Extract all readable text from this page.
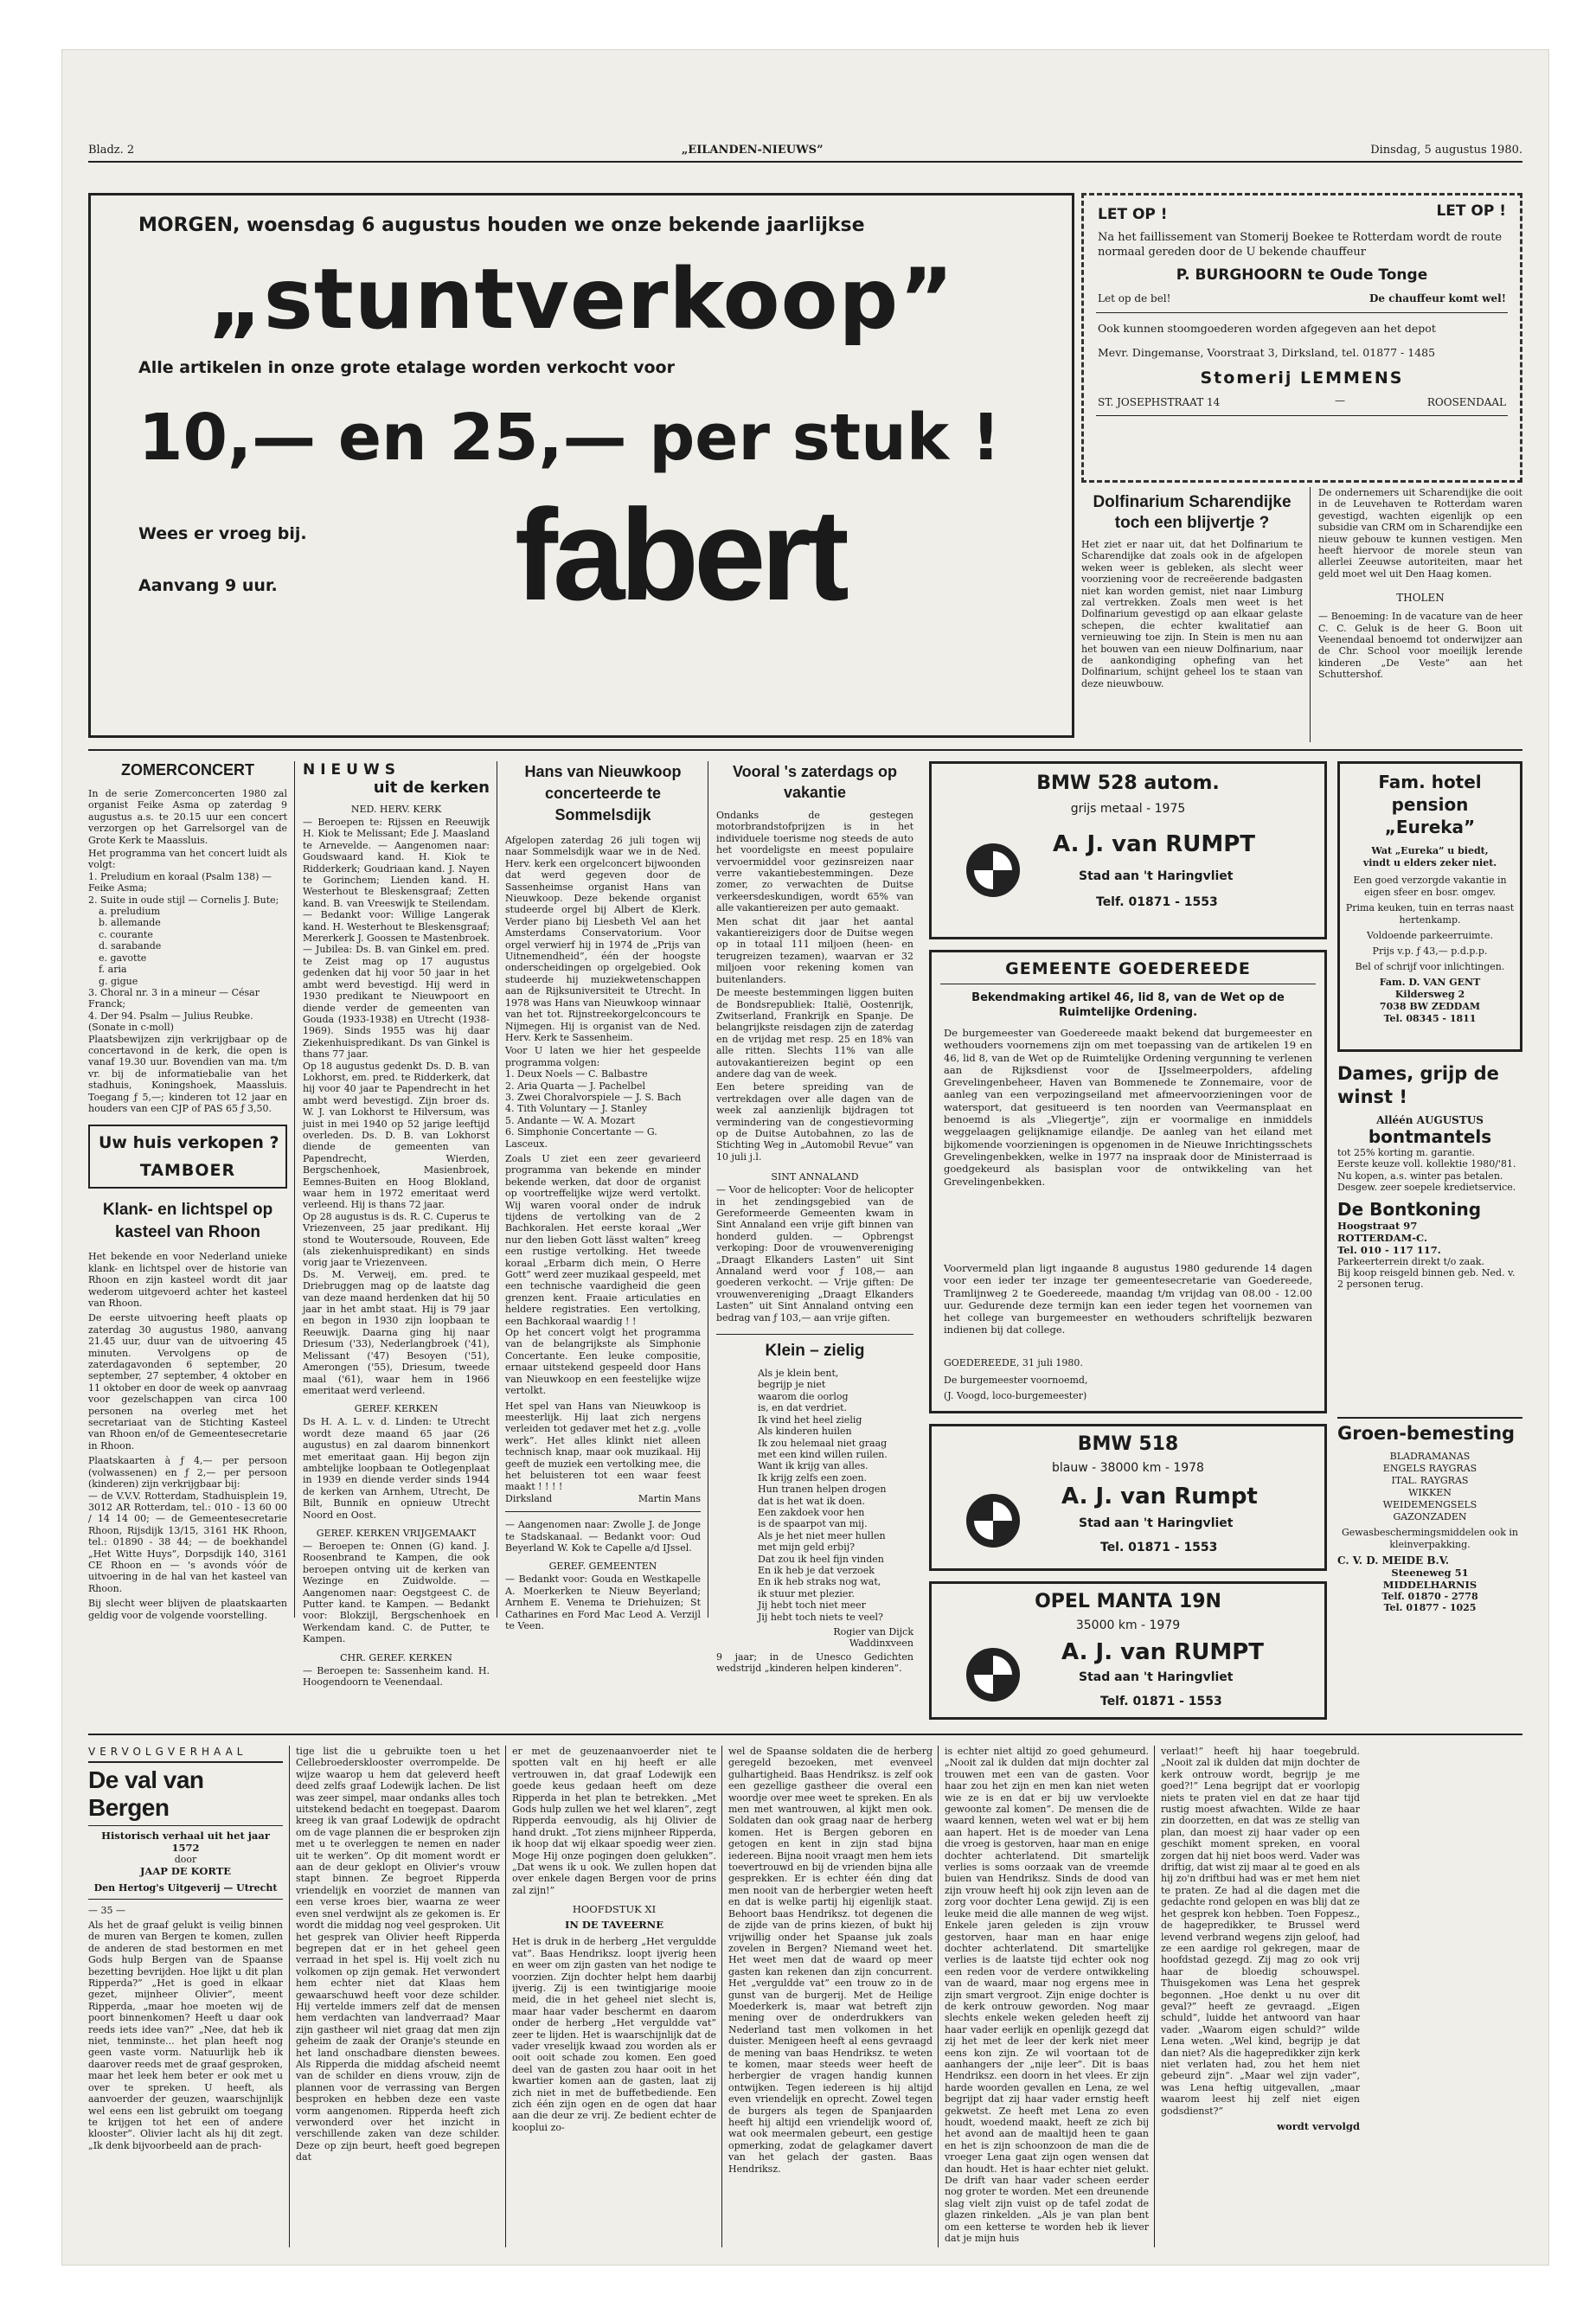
Bladz. 2	„EILANDEN-NIEUWS”	Dinsdag, 5 augustus 1980.
MORGEN, woensdag 6 augustus houden we onze bekende jaarlijkse
„stuntverkoop”
Alle artikelen in onze grote etalage worden verkocht voor
10,— en 25,— per stuk !
Wees er vroeg bij.
Aanvang 9 uur. fabert
LET OP !	LET OP !
Na het faillissement van Stomerij Boekee te Rotterdam wordt de route normaal gereden door de U bekende chauffeur
P. BURGHOORN te Oude Tonge
Let op de bel!	De chauffeur komt wel!
Ook kunnen stoomgoederen worden afgegeven aan het depot
Mevr. Dingemanse, Voorstraat 3, Dirksland, tel. 01877 - 1485
Stomerij LEMMENS
ST. JOSEPHSTRAAT 14	—	ROOSENDAAL
Dolfinarium Scharendijke toch een blijvertje ?
Het ziet er naar uit, dat het Dolfinarium te Scharendijke dat zoals ook in de afgelopen weken weer is gebleken, als slecht weer voorziening voor de recreëerende badgasten niet kan worden gemist, niet naar Limburg zal vertrekken. Zoals men weet is het Dolfinarium gevestigd op aan elkaar gelaste schepen, die echter kwalitatief aan vernieuwing toe zijn. In Stein is men nu aan het bouwen van een nieuw Dolfinarium, naar de aankondiging ophefing van het Dolfinarium, schijnt geheel los te staan van deze nieuwbouw.
De ondernemers uit Scharendijke die ooit in de Leuvehaven te Rotterdam waren gevestigd, wachten eigenlijk op een subsidie van CRM om in Scharendijke een nieuw gebouw te kunnen vestigen. Men heeft hiervoor de morele steun van allerlei Zeeuwse autoriteiten, maar het geld moet wel uit Den Haag komen.
THOLEN
— Benoeming: In de vacature van de heer C. C. Geluk is de heer G. Boon uit Veenendaal benoemd tot onderwijzer aan de Chr. School voor moeilijk lerende kinderen „De Veste” aan het Schuttershof.
ZOMERCONCERT
In de serie Zomerconcerten 1980 zal organist Feike Asma op zaterdag 9 augustus a.s. te 20.15 uur een concert verzorgen op het Garrelsorgel van de Grote Kerk te Maassluis.
Het programma van het concert luidt als volgt:
1. Preludium en koraal (Psalm 138) — Feike Asma;
2. Suite in oude stijl — Cornelis J. Bute;
a. preludium
b. allemande
c. courante
d. sarabande
e. gavotte
f. aria
g. gigue
3. Choral nr. 3 in a mineur — César Franck;
4. Der 94. Psalm — Julius Reubke. (Sonate in c-moll)
Plaatsbewijzen zijn verkrijgbaar op de concertavond in de kerk, die open is vanaf 19.30 uur. Bovendien van ma. t/m vr. bij de informatiebalie van het stadhuis, Koningshoek, Maassluis. Toegang ƒ 5,—; kinderen tot 12 jaar en houders van een CJP of PAS 65 ƒ 3,50.
Uw huis verkopen ?
TAMBOER
Klank- en lichtspel op kasteel van Rhoon
Het bekende en voor Nederland unieke klank- en lichtspel over de historie van Rhoon en zijn kasteel wordt dit jaar wederom uitgevoerd achter het kasteel van Rhoon.
De eerste uitvoering heeft plaats op zaterdag 30 augustus 1980, aanvang 21.45 uur, duur van de uitvoering 45 minuten. Vervolgens op de zaterdagavonden 6 september, 20 september, 27 september, 4 oktober en 11 oktober en door de week op aanvraag voor gezelschappen van circa 100 personen na overleg met het secretariaat van de Stichting Kasteel van Rhoon en/of de Gemeentesecretarie in Rhoon.
Plaatskaarten à ƒ 4,— per persoon (volwassenen) en ƒ 2,— per persoon (kinderen) zijn verkrijgbaar bij:
— de V.V.V. Rotterdam, Stadhuisplein 19, 3012 AR Rotterdam, tel.: 010 - 13 60 00 / 14 14 00; — de Gemeentesecretarie Rhoon, Rijsdijk 13/15, 3161 HK Rhoon, tel.: 01890 - 38 44; — de boekhandel „Het Witte Huys”, Dorpsdijk 140, 3161 CE Rhoon en — 's avonds vóór de uitvoering in de hal van het kasteel van Rhoon.
Bij slecht weer blijven de plaatskaarten geldig voor de volgende voorstelling.
NIEUWS
uit de kerken
NED. HERV. KERK
— Beroepen te: Rijssen en Reeuwijk H. Kiok te Melissant; Ede J. Maasland te Arnevelde. — Aangenomen naar: Goudswaard kand. H. Kiok te Ridderkerk; Goudriaan kand. J. Nayen te Gorinchem; Lienden kand. H. Westerhout te Bleskensgraaf; Zetten kand. B. van Vreeswijk te Steilendam. — Bedankt voor: Willige Langerak kand. H. Westerhout te Bleskensgraaf; Mererkerk J. Goossen te Mastenbroek. — Jubilea: Ds. B. van Ginkel em. pred. te Zeist mag op 17 augustus gedenken dat hij voor 50 jaar in het ambt werd bevestigd. Hij werd in 1930 predikant te Nieuwpoort en diende verder de gemeenten van Gouda (1933-1938) en Utrecht (1938-1969). Sinds 1955 was hij daar Ziekenhuispredikant. Ds van Ginkel is thans 77 jaar.
Op 18 augustus gedenkt Ds. D. B. van Lokhorst, em. pred. te Ridderkerk, dat hij voor 40 jaar te Papendrecht in het ambt werd bevestigd. Zijn broer ds. W. J. van Lokhorst te Hilversum, was juist in mei 1940 op 52 jarige leeftijd overleden. Ds. D. B. van Lokhorst diende de gemeenten van Papendrecht, Wierden, Bergschenhoek, Masienbroek, Eemnes-Buiten en Hoog Blokland, waar hem in 1972 emeritaat werd verleend. Hij is thans 72 jaar.
Op 28 augustus is ds. R. C. Cuperus te Vriezenveen, 25 jaar predikant. Hij stond te Woutersoude, Rouveen, Ede (als ziekenhuispredikant) en sinds vorig jaar te Vriezenveen.
Ds. M. Verweij, em. pred. te Driebruggen mag op de laatste dag van deze maand herdenken dat hij 50 jaar in het ambt staat. Hij is 79 jaar en begon in 1930 zijn loopbaan te Reeuwijk. Daarna ging hij naar Driesum ('33), Nederlangbroek ('41), Melissant ('47) Besoyen ('51), Amerongen ('55), Driesum, tweede maal ('61), waar hem in 1966 emeritaat werd verleend.
GEREF. KERKEN
Ds H. A. L. v. d. Linden: te Utrecht wordt deze maand 65 jaar (26 augustus) en zal daarom binnenkort met emeritaat gaan. Hij begon zijn ambtelijke loopbaan te Ootlegenplaat in 1939 en diende verder sinds 1944 de kerken van Arnhem, Utrecht, De Bilt, Bunnik en opnieuw Utrecht Noord en Oost.
GEREF. KERKEN VRIJGEMAAKT
— Beroepen te: Onnen (G) kand. J. Roosenbrand te Kampen, die ook beroepen ontving uit de kerken van Wezinge en Zuidwolde. — Aangenomen naar: Oegstgeest C. de Putter kand. te Kampen. — Bedankt voor: Blokzijl, Bergschenhoek en Werkendam kand. C. de Putter, te Kampen.
CHR. GEREF. KERKEN
— Beroepen te: Sassenheim kand. H. Hoogendoorn te Veenendaal.
Hans van Nieuwkoop concerteerde te Sommelsdijk
Afgelopen zaterdag 26 juli togen wij naar Sommelsdijk waar we in de Ned. Herv. kerk een orgelconcert bijwoonden dat werd gegeven door de Sassenheimse organist Hans van Nieuwkoop. Deze bekende organist studeerde orgel bij Albert de Klerk. Verder piano bij Liesbeth Vel aan het Amsterdams Conservatorium. Voor orgel verwierf hij in 1974 de „Prijs van Uitnemendheid”, één der hoogste onderscheidingen op orgelgebied. Ook studeerde hij muziekwetenschappen aan de Rijksuniversiteit te Utrecht. In 1978 was Hans van Nieuwkoop winnaar van het tot. Rijnstreekorgelconcours te Nijmegen. Hij is organist van de Ned. Herv. Kerk te Sassenheim.
Voor U laten we hier het gespeelde programma volgen:
1. Deux Noels — C. Balbastre
2. Aria Quarta — J. Pachelbel
3. Zwei Choralvorspiele — J. S. Bach
4. Tith Voluntary — J. Stanley
5. Andante — W. A. Mozart
6. Simphonie Concertante — G. Lasceux.
Zoals U ziet een zeer gevarieerd programma van bekende en minder bekende werken, dat door de organist op voortreffelijke wijze werd vertolkt. Wij waren vooral onder de indruk tijdens de vertolking van de 2 Bachkoralen. Het eerste koraal „Wer nur den lieben Gott lässt walten” kreeg een rustige vertolking. Het tweede koraal „Erbarm dich mein, O Herre Gott” werd zeer muzikaal gespeeld, met een technische vaardigheid die geen grenzen kent. Fraaie articulaties en heldere registraties. Een vertolking, een Bachkoraal waardig ! !
Op het concert volgt het programma van de belangrijkste als Simphonie Concertante. Een leuke compositie, ernaar uitstekend gespeeld door Hans van Nieuwkoop en een feestelijke wijze vertolkt.
Het spel van Hans van Nieuwkoop is meesterlijk. Hij laat zich nergens verleiden tot gedaver met het z.g. „volle werk”. Het alles klinkt niet alleen technisch knap, maar ook muzikaal. Hij geeft de muziek een vertolking mee, die het beluisteren tot een waar feest maakt ! ! ! !
Dirksland	Martin Mans
— Aangenomen naar: Zwolle J. de Jonge te Stadskanaal. — Bedankt voor: Oud Beyerland W. Kok te Capelle a/d IJssel.
GEREF. GEMEENTEN
— Bedankt voor: Gouda en Westkapelle A. Moerkerken te Nieuw Beyerland; Arnhem E. Venema te Driehuizen; St Catharines en Ford Mac Leod A. Verzijl te Veen.
Vooral 's zaterdags op vakantie
Ondanks de gestegen motorbrandstofprijzen is in het individuele toerisme nog steeds de auto het voordeligste en meest populaire vervoermiddel voor gezinsreizen naar verre vakantiebestemmingen. Deze zomer, zo verwachten de Duitse verkeersdeskundigen, wordt 65% van alle vakantiereizen per auto gemaakt.
Men schat dit jaar het aantal vakantiereizigers door de Duitse wegen op in totaal 111 miljoen (heen- en terugreizen tezamen), waarvan er 32 miljoen voor rekening komen van buitenlanders.
De meeste bestemmingen liggen buiten de Bondsrepubliek: Italië, Oostenrijk, Zwitserland, Frankrijk en Spanje. De belangrijkste reisdagen zijn de zaterdag en de vrijdag met resp. 25 en 18% van alle ritten. Slechts 11% van alle autovakantiereizen begint op een andere dag van de week.
Een betere spreiding van de vertrekdagen over alle dagen van de week zal aanzienlijk bijdragen tot vermindering van de congestievorming op de Duitse Autobahnen, zo las de Stichting Weg in „Automobil Revue” van 10 juli j.l.
SINT ANNALAND
— Voor de helicopter: Voor de helicopter in het zendingsgebied van de Gereformeerde Gemeenten kwam in Sint Annaland een vrije gift binnen van honderd gulden. — Opbrengst verkoping: Door de vrouwenvereniging „Draagt Elkanders Lasten” uit Sint Annaland werd voor ƒ 108,— aan goederen verkocht. — Vrije giften: De vrouwenvereniging „Draagt Elkanders Lasten” uit Sint Annaland ontving een bedrag van ƒ 103,— aan vrije giften.
Klein – zielig
Als je klein bent,
begrijp je niet
waarom die oorlog
is, en dat verdriet.
Ik vind het heel zielig
Als kinderen huilen
Ik zou helemaal niet graag
met een kind willen ruilen.
Want ik krijg van alles.
Ik krijg zelfs een zoen.
Hun tranen helpen drogen
dat is het wat ik doen.
Een zakdoek voor hen
is de spaarpot van mij.
Als je het niet meer hullen
met mijn geld erbij?
Dat zou ik heel fijn vinden
En ik heb je dat verzoek
En ik heb straks nog wat,
ik stuur met plezier.
Jij hebt toch niet meer
Jij hebt toch niets te veel?
Rogier van Dijck
Waddinxveen
9 jaar; in de Unesco Gedichten wedstrijd „kinderen helpen kinderen”.
BMW 528 autom.
grijs metaal - 1975
A. J. van RUMPT
Stad aan 't Haringvliet
Telf. 01871 - 1553
GEMEENTE GOEDEREEDE
Bekendmaking artikel 46, lid 8, van de Wet op de Ruimtelijke Ordening.
De burgemeester van Goedereede maakt bekend dat burgemeester en wethouders voornemens zijn om met toepassing van de artikelen 19 en 46, lid 8, van de Wet op de Ruimtelijke Ordening vergunning te verlenen aan de Rijksdienst voor de IJsselmeerpolders, afdeling Grevelingenbeheer, Haven van Bommenede te Zonnemaire, voor de aanleg van een verpozingseiland met afmeervoorzieningen voor de watersport, dat gesitueerd is ten noorden van Veermansplaat en benoemd is als „Vliegertje”, zijn er voormalige en inmiddels weggelaagen gelijknamige eilandje. De aanleg van het eiland met bijkomende voorzieningen is opgenomen in de Nieuwe Inrichtingsschets Grevelingenbekken, welke in 1977 na inspraak door de Ministerraad is goedgekeurd als basisplan voor de ontwikkeling van het Grevelingenbekken.
Voorvermeld plan ligt ingaande 8 augustus 1980 gedurende 14 dagen voor een ieder ter inzage ter gemeentesecretarie van Goedereede, Tramlijnweg 2 te Goedereede, maandag t/m vrijdag van 08.00 - 12.00 uur. Gedurende deze termijn kan een ieder tegen het voornemen van het college van burgemeester en wethouders schriftelijk bezwaren indienen bij dat college.
GOEDEREEDE, 31 juli 1980.
De burgemeester voornoemd,
(J. Voogd, loco-burgemeester)
BMW 518
blauw - 38000 km - 1978
A. J. van Rumpt
Stad aan 't Haringvliet
Tel. 01871 - 1553
OPEL MANTA 19N
35000 km - 1979
A. J. van RUMPT
Stad aan 't Haringvliet
Telf. 01871 - 1553
Fam. hotel pension „Eureka”
Wat „Eureka” u biedt,
vindt u elders zeker niet.
Een goed verzorgde vakantie in eigen sfeer en bosr. omgev.
Prima keuken, tuin en terras naast hertenkamp.
Voldoende parkeerruimte.
Prijs v.p. ƒ 43,— p.d.p.p.
Bel of schrijf voor inlichtingen.
Fam. D. VAN GENT
Kildersweg 2
7038 BW ZEDDAM
Tel. 08345 - 1811
Dames, grijp de winst !
Alléén AUGUSTUS
bontmantels
tot 25% korting m. garantie.
Eerste keuze voll. kollektie 1980/'81.
Nu kopen, a.s. winter pas betalen.
Desgew. zeer soepele kredietservice.
De Bontkoning
Hoogstraat 97
ROTTERDAM-C.
Tel. 010 - 117 117.
Parkeerterrein direkt t/o zaak.
Bij koop reisgeld binnen geb. Ned. v. 2 personen terug.
Groen-bemesting
BLADRAMANAS
ENGELS RAYGRAS
ITAL. RAYGRAS
WIKKEN
WEIDEMENGSELS
GAZONZADEN
Gewasbeschermingsmiddelen ook in kleinverpakking.
C. V. D. MEIDE B.V.
Steeneweg 51
MIDDELHARNIS
Telf. 01870 - 2778
Tel. 01877 - 1025
VERVOLGVERHAAL
De val van Bergen
Historisch verhaal uit het jaar 1572
door
JAAP DE KORTE
Den Hertog's Uitgeverij — Utrecht
— 35 —
Als het de graaf gelukt is veilig binnen de muren van Bergen te komen, zullen de anderen de stad bestormen en met Gods hulp Bergen van de Spaanse bezetting bevrijden. Hoe lijkt u dit plan Ripperda?” „Het is goed in elkaar gezet, mijnheer Olivier”, meent Ripperda, „maar hoe moeten wij de poort binnenkomen? Heeft u daar ook reeds iets idee van?” „Nee, dat heb ik niet, tenminste... het plan heeft nog geen vaste vorm. Natuurlijk heb ik daarover reeds met de graaf gesproken, maar het leek hem beter er ook met u over te spreken. U heeft, als aanvoerder der geuzen, waarschijnlijk wel eens een list gebruikt om toegang te krijgen tot het een of andere klooster”. Olivier lacht als hij dit zegt. „Ik denk bijvoorbeeld aan de prach-
tige list die u gebruikte toen u het Cellebroedersklooster overrompelde. De wijze waarop u hem dat geleverd heeft deed zelfs graaf Lodewijk lachen. De list was zeer simpel, maar ondanks alles toch uitstekend bedacht en toegepast. Daarom kreeg ik van graaf Lodewijk de opdracht om de vage plannen die er besproken zijn met u te overleggen te nemen en nader uit te werken”. Op dit moment wordt er aan de deur geklopt en Olivier's vrouw stapt binnen. Ze begroet Ripperda vriendelijk en voorziet de mannen van een verse kroes bier, waarna ze weer even snel verdwijnt als ze gekomen is. Er wordt die middag nog veel gesproken. Uit het gesprek van Olivier heeft Ripperda begrepen dat er in het geheel geen verraad in het spel is. Hij voelt zich nu volkomen op zijn gemak. Het verwondert hem echter niet dat Klaas hem gewaarschuwd heeft voor deze schilder. Hij vertelde immers zelf dat de mensen hem verdachten van landverraad? Maar zijn gastheer wil niet graag dat men zijn geheim de zaak der Oranje's steunde en het land onschadbare diensten bewees. Als Ripperda die middag afscheid neemt van de schilder en diens vrouw, zijn de plannen voor de verrassing van Bergen besproken en hebben deze een vaste vorm aangenomen. Ripperda heeft zich verwonderd over het inzicht in verschillende zaken van deze schilder. Deze op zijn beurt, heeft goed begrepen dat
er met de geuzenaanvoerder niet te spotten valt en hij heeft er alle vertrouwen in, dat graaf Lodewijk een goede keus gedaan heeft om deze Ripperda in het plan te betrekken. „Met Gods hulp zullen we het wel klaren”, zegt Ripperda eenvoudig, als hij Olivier de hand drukt. „Tot ziens mijnheer Ripperda, ik hoop dat wij elkaar spoedig weer zien. Moge Hij onze pogingen doen gelukken”. „Dat wens ik u ook. We zullen hopen dat over enkele dagen Bergen voor de prins zal zijn!”
HOOFDSTUK XI
IN DE TAVEERNE
Het is druk in de herberg „Het verguldde vat”. Baas Hendriksz. loopt ijverig heen en weer om zijn gasten van het nodige te voorzien. Zijn dochter helpt hem daarbij ijverig. Zij is een twintigjarige mooie meid, die in het geheel niet slecht is, maar haar vader beschermt en daarom onder de herberg „Het verguldde vat” zeer te lijden. Het is waarschijnlijk dat de vader vreselijk kwaad zou worden als er ooit ooit schade zou komen. Een goed deel van de gasten zou haar ooit in het kwartier komen aan de gasten, laat zij zich niet in met de buffetbediende. Een zich één zijn ogen en de ogen dat haar aan die deur ze vrij. Ze bedient echter de kooplui zo-
wel de Spaanse soldaten die de herberg geregeld bezoeken, met evenveel gulhartigheid. Baas Hendriksz. is zelf ook een gezellige gastheer die overal een woordje over mee weet te spreken. En als men met wantrouwen, al kijkt men ook. Soldaten dan ook graag naar de herberg komen. Het is Bergen geboren en getogen en kent in zijn stad bijna iedereen. Bijna nooit vraagt men hem iets toevertrouwd en bij de vrienden bijna alle gesprekken. Er is echter één ding dat men nooit van de herbergier weten heeft en dat is welke partij hij eigenlijk staat. Behoort baas Hendriksz. tot degenen die de zijde van de prins kiezen, of bukt hij vrijwillig onder het Spaanse juk zoals zovelen in Bergen? Niemand weet het. Het weet men dat de waard op meer gasten kan rekenen dan zijn concurrent. Het „verguldde vat” een trouw zo in de gunst van de burgerij. Met de Heilige Moederkerk is, maar wat betreft zijn mening over de onderdrukkers van Nederland tast men volkomen in het duister. Menigeen heeft al eens gevraagd de mening van baas Hendriksz. te weten te komen, maar steeds weer heeft de herbergier de vragen handig kunnen ontwijken. Tegen iedereen is hij altijd even vriendelijk en oprecht. Zowel tegen de burgers als tegen de Spanjaarden heeft hij altijd een vriendelijk woord of, wat ook meermalen gebeurt, een gestige opmerking, zodat de gelagkamer davert van het gelach der gasten. Baas Hendriksz.
is echter niet altijd zo goed gehumeurd. „Nooit zal ik dulden dat mijn dochter zal trouwen met een van de gasten. Voor haar zou het zijn en men kan niet weten wie ze is en dat er bij uw vervloekte gewoonte zal komen”. De mensen die de waard kennen, weten wel wat er bij hem aan hapert. Het is de moeder van Lena die vroeg is gestorven, haar man en enige dochter achterlatend. Dit smartelijk verlies is soms oorzaak van de vreemde buien van Hendriksz. Sinds de dood van zijn vrouw heeft hij ook zijn leven aan de zorg voor dochter Lena gewijd. Zij is een leuke meid die alle mannen de weg wijst. Enkele jaren geleden is zijn vrouw gestorven, haar man en haar enige dochter achterlatend. Dit smartelijke verlies is de laatste tijd echter ook nog een reden voor de verdere ontwikkeling van de waard, maar nog ergens mee in zijn smart vergroot. Zijn enige dochter is de kerk ontrouw geworden. Nog maar slechts enkele weken geleden heeft zij haar vader eerlijk en openlijk gezegd dat zij het met de leer der kerk niet meer eens kon zijn. Ze wil voortaan tot de aanhangers der „nije leer”. Dit is baas Hendriksz. een doorn in het vlees. Er zijn harde woorden gevallen en Lena, ze wel begrijpt dat zij haar vader ernstig heeft gekwetst. Ze heeft met Lena zo even houdt, woedend maakt, heeft ze zich bij het avond aan de maaltijd heen te gaan en het is zijn schoonzoon de man die de vroeger Lena gaat zijn ogen wensen dat dan houdt. Het is haar echter niet gelukt. De drift van haar vader scheen eerder nog groter te worden. Met een dreunende slag vielt zijn vuist op de tafel zodat de glazen rinkelden. „Als je van plan bent om een ketterse te worden heb ik liever dat je mijn huis
verlaat!” heeft hij haar toegebruld. „Nooit zal ik dulden dat mijn dochter de kerk ontrouw wordt, begrijp je me goed?!” Lena begrijpt dat er voorlopig niets te praten viel en dat ze haar tijd rustig moest afwachten. Wilde ze haar zin doorzetten, en dat was ze stellig van plan, dan moest zij haar vader op een geschikt moment spreken, en vooral zorgen dat hij niet boos werd. Vader was driftig, dat wist zij maar al te goed en als hij zo'n driftbui had was er met hem niet te praten. Ze had al die dagen met die gedachte rond gelopen en was blij dat ze het gesprek kon hebben. Toen Foppesz., de hagepredikker, te Brussel werd levend verbrand wegens zijn geloof, had ze een aardige rol gekregen, maar de hoofdstad gezegd. Zij mag zo ook vrij haar de bloedig schouwspel. Thuisgekomen was Lena het gesprek begonnen. „Hoe denkt u nu over dit geval?” heeft ze gevraagd. „Eigen schuld”, luidde het antwoord van haar vader. „Waarom eigen schuld?” wilde Lena weten. „Wel kind, begrijp je dat dan niet? Als die hagepredikker zijn kerk niet verlaten had, zou het hem niet gebeurd zijn”. „Maar wel zijn vader”, was Lena heftig uitgevallen, „maar waarom leest hij zelf niet eigen godsdienst?”
wordt vervolgd
